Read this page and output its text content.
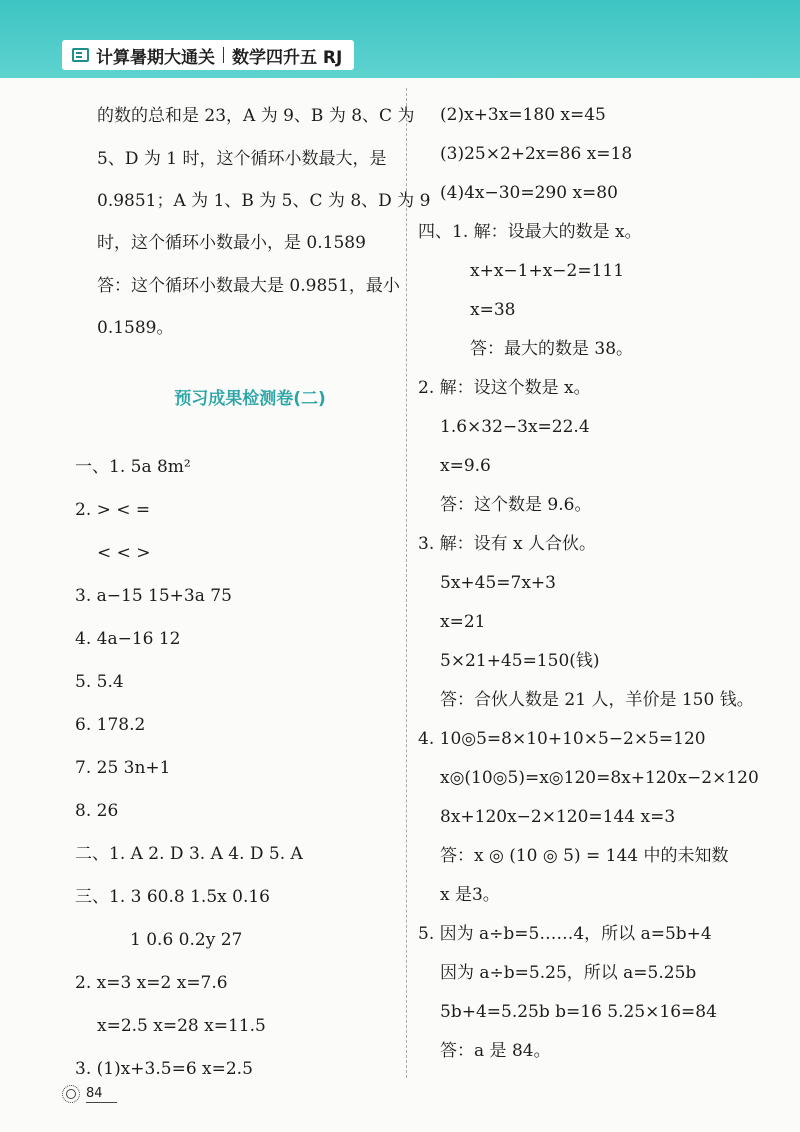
计算暑期大通关 数学四升五 RJ
的数的总和是 23，A 为 9、B 为 8、C 为
5、D 为 1 时，这个循环小数最大，是
0.9851；A 为 1、B 为 5、C 为 8、D 为 9
时，这个循环小数最小，是 0.1589
答：这个循环小数最大是 0.9851，最小
0.1589。
预习成果检测卷(二)
一、1. 5a 8m²
2. > < =
< < >
3. a−15 15+3a 75
4. 4a−16 12
5. 5.4
6. 178.2
7. 25 3n+1
8. 26
二、1. A 2. D 3. A 4. D 5. A
三、1. 3 60.8 1.5x 0.16
1 0.6 0.2y 27
2. x=3 x=2 x=7.6
x=2.5 x=28 x=11.5
3. (1)x+3.5=6 x=2.5
(2)x+3x=180 x=45
(3)25×2+2x=86 x=18
(4)4x−30=290 x=80
四、1. 解：设最大的数是 x。
x+x−1+x−2=111
x=38
答：最大的数是 38。
2. 解：设这个数是 x。
1.6×32−3x=22.4
x=9.6
答：这个数是 9.6。
3. 解：设有 x 人合伙。
5x+45=7x+3
x=21
5×21+45=150(钱)
答：合伙人数是 21 人，羊价是 150 钱。
4. 10◎5=8×10+10×5−2×5=120
x◎(10◎5)=x◎120=8x+120x−2×120
8x+120x−2×120=144 x=3
答：x ◎ (10 ◎ 5) = 144 中的未知数
x 是3。
5. 因为 a÷b=5……4，所以 a=5b+4
因为 a÷b=5.25，所以 a=5.25b
5b+4=5.25b b=16 5.25×16=84
答：a 是 84。
84
